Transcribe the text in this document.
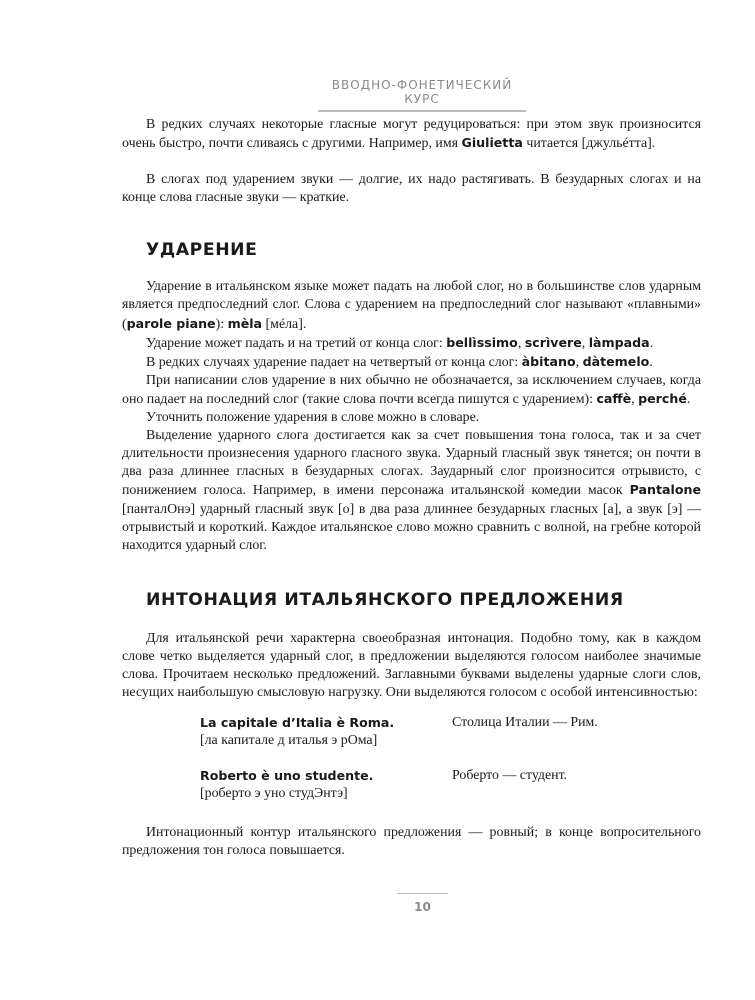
ВВОДНО-ФОНЕТИЧЕСКИЙ КУРС

В редких случаях некоторые гласные могут редуцироваться: при этом звук произносится очень быстро, почти сливаясь с другими. Например, имя Giulietta читается [джульéтта].

В слогах под ударением звуки — долгие, их надо растягивать. В безударных слогах и на конце слова гласные звуки — краткие.

УДАРЕНИЕ

Ударение в итальянском языке может падать на любой слог, но в большинстве слов ударным является предпоследний слог. Слова с ударением на предпоследний слог называют «плавными» (parole piane): mèla [мéла].

Ударение может падать и на третий от конца слог: bellìssimo, scrìvere, làmpada.

В редких случаях ударение падает на четвертый от конца слог: àbitano, dàtemelo.

При написании слов ударение в них обычно не обозначается, за исключением случаев, когда оно падает на последний слог (такие слова почти всегда пишутся с ударением): caffè, perché.

Уточнить положение ударения в слове можно в словаре.

Выделение ударного слога достигается как за счет повышения тона голоса, так и за счет длительности произнесения ударного гласного звука. Ударный гласный звук тянется; он почти в два раза длиннее гласных в безударных слогах. Заударный слог произносится отрывисто, с понижением голоса. Например, в имени персонажа итальянской комедии масок Pantalone [панталОнэ] ударный гласный звук [о] в два раза длиннее безударных гласных [а], а звук [э] — отрывистый и короткий. Каждое итальянское слово можно сравнить с волной, на гребне которой находится ударный слог.

ИНТОНАЦИЯ ИТАЛЬЯНСКОГО ПРЕДЛОЖЕНИЯ

Для итальянской речи характерна своеобразная интонация. Подобно тому, как в каждом слове четко выделяется ударный слог, в предложении выделяются голосом наиболее значимые слова. Прочитаем несколько предложений. Заглавными буквами выделены ударные слоги слов, несущих наибольшую смысловую нагрузку. Они выделяются голосом с особой интенсивностью:

La capitale d’Italia è Roma.
[ла капитале д италья э рОма]
Столица Италии — Рим.
Roberto è uno studente.
[роберто э уно студЭнтэ]
Роберто — студент.

Интонационный контур итальянского предложения — ровный; в конце вопросительного предложения тон голоса повышается.

10
